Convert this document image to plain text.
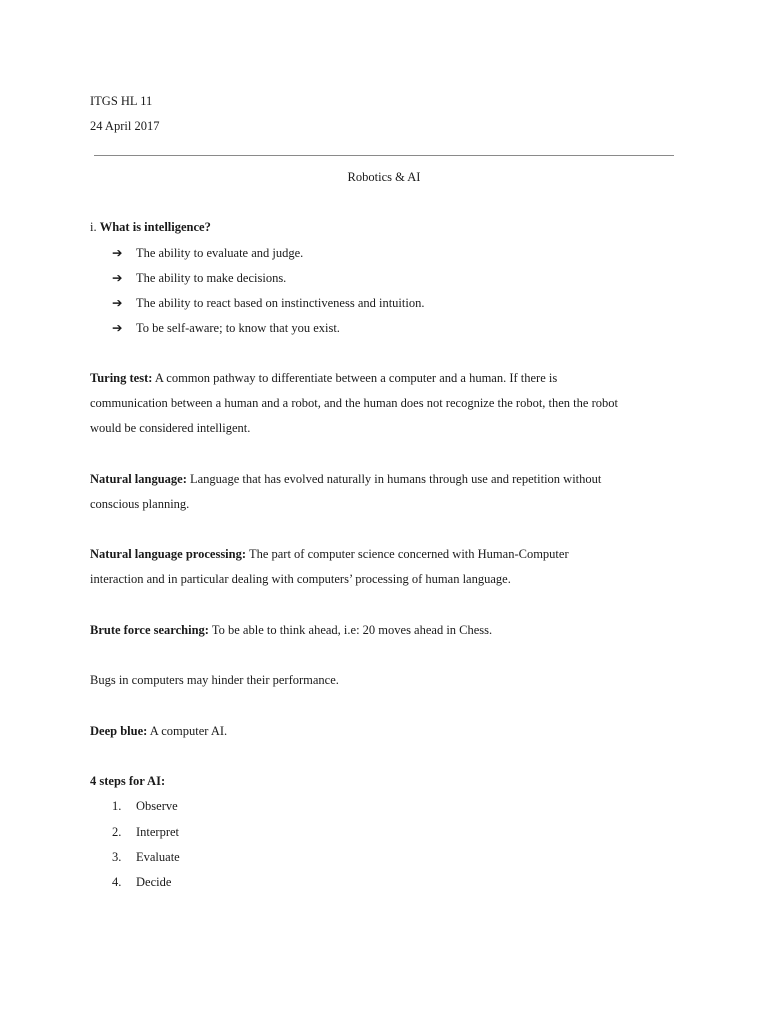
ITGS HL 11
24 April 2017
Robotics & AI
i. What is intelligence?
➔ The ability to evaluate and judge.
➔ The ability to make decisions.
➔ The ability to react based on instinctiveness and intuition.
➔ To be self-aware; to know that you exist.
Turing test: A common pathway to differentiate between a computer and a human. If there is
communication between a human and a robot, and the human does not recognize the robot, then the robot
would be considered intelligent.
Natural language: Language that has evolved naturally in humans through use and repetition without
conscious planning.
Natural language processing: The part of computer science concerned with Human-Computer
interaction and in particular dealing with computers’ processing of human language.
Brute force searching: To be able to think ahead, i.e: 20 moves ahead in Chess.
Bugs in computers may hinder their performance.
Deep blue: A computer AI.
4 steps for AI:
1. Observe
2. Interpret
3. Evaluate
4. Decide
